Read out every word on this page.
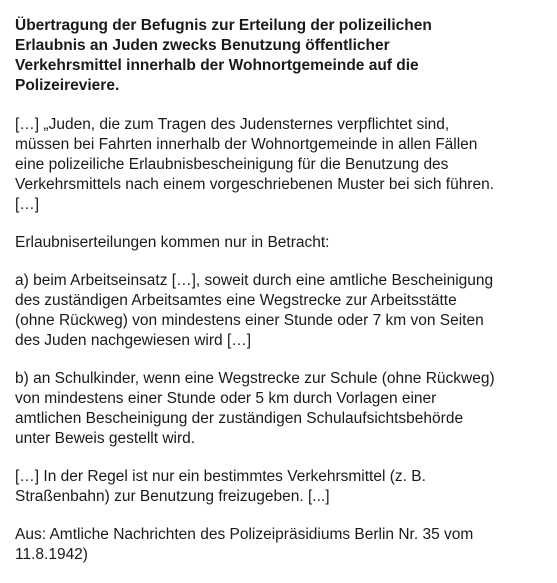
Übertragung der Befugnis zur Erteilung der polizeilichen
Erlaubnis an Juden zwecks Benutzung öffentlicher
Verkehrsmittel innerhalb der Wohnortgemeinde auf die
Polizeireviere.

[…] „Juden, die zum Tragen des Judensternes verpflichtet sind,
müssen bei Fahrten innerhalb der Wohnortgemeinde in allen Fällen
eine polizeiliche Erlaubnisbescheinigung für die Benutzung des
Verkehrsmittels nach einem vorgeschriebenen Muster bei sich führen.
[…]

Erlaubniserteilungen kommen nur in Betracht:

a) beim Arbeitseinsatz […], soweit durch eine amtliche Bescheinigung
des zuständigen Arbeitsamtes eine Wegstrecke zur Arbeitsstätte
(ohne Rückweg) von mindestens einer Stunde oder 7 km von Seiten
des Juden nachgewiesen wird […]

b) an Schulkinder, wenn eine Wegstrecke zur Schule (ohne Rückweg)
von mindestens einer Stunde oder 5 km durch Vorlagen einer
amtlichen Bescheinigung der zuständigen Schulaufsichtsbehörde
unter Beweis gestellt wird.

[…] In der Regel ist nur ein bestimmtes Verkehrsmittel (z. B.
Straßenbahn) zur Benutzung freizugeben. [...]

Aus: Amtliche Nachrichten des Polizeipräsidiums Berlin Nr. 35 vom
11.8.1942)
